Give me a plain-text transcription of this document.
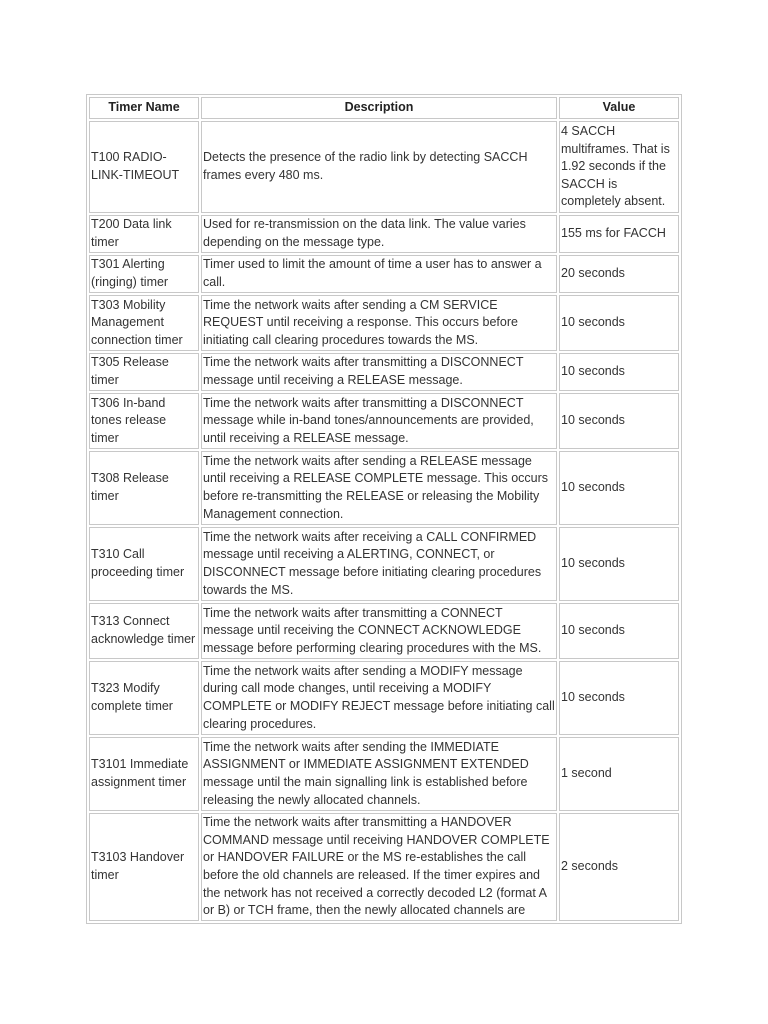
Timer Name	Description	Value
T100 RADIO-LINK-TIMEOUT	Detects the presence of the radio link by detecting SACCH frames every 480 ms.	4 SACCH multiframes. That is 1.92 seconds if the SACCH is completely absent.
T200 Data link timer	Used for re-transmission on the data link. The value varies depending on the message type.	155 ms for FACCH
T301 Alerting (ringing) timer	Timer used to limit the amount of time a user has to answer a call.	20 seconds
T303 Mobility Management connection timer	Time the network waits after sending a CM SERVICE REQUEST until receiving a response. This occurs before initiating call clearing procedures towards the MS.	10 seconds
T305 Release timer	Time the network waits after transmitting a DISCONNECT message until receiving a RELEASE message.	10 seconds
T306 In-band tones release timer	Time the network waits after transmitting a DISCONNECT message while in-band tones/announcements are provided, until receiving a RELEASE message.	10 seconds
T308 Release timer	Time the network waits after sending a RELEASE message until receiving a RELEASE COMPLETE message. This occurs before re-transmitting the RELEASE or releasing the Mobility Management connection.	10 seconds
T310 Call proceeding timer	Time the network waits after receiving a CALL CONFIRMED message until receiving a ALERTING, CONNECT, or DISCONNECT message before initiating clearing procedures towards the MS.	10 seconds
T313 Connect acknowledge timer	Time the network waits after transmitting a CONNECT message until receiving the CONNECT ACKNOWLEDGE message before performing clearing procedures with the MS.	10 seconds
T323 Modify complete timer	Time the network waits after sending a MODIFY message during call mode changes, until receiving a MODIFY COMPLETE or MODIFY REJECT message before initiating call clearing procedures.	10 seconds
T3101 Immediate assignment timer	Time the network waits after sending the IMMEDIATE ASSIGNMENT or IMMEDIATE ASSIGNMENT EXTENDED message until the main signalling link is established before releasing the newly allocated channels.	1 second
T3103 Handover timer	Time the network waits after transmitting a HANDOVER COMMAND message until receiving HANDOVER COMPLETE or HANDOVER FAILURE or the MS re-establishes the call before the old channels are released. If the timer expires and the network has not received a correctly decoded L2 (format A or B) or TCH frame, then the newly allocated channels are	2 seconds
